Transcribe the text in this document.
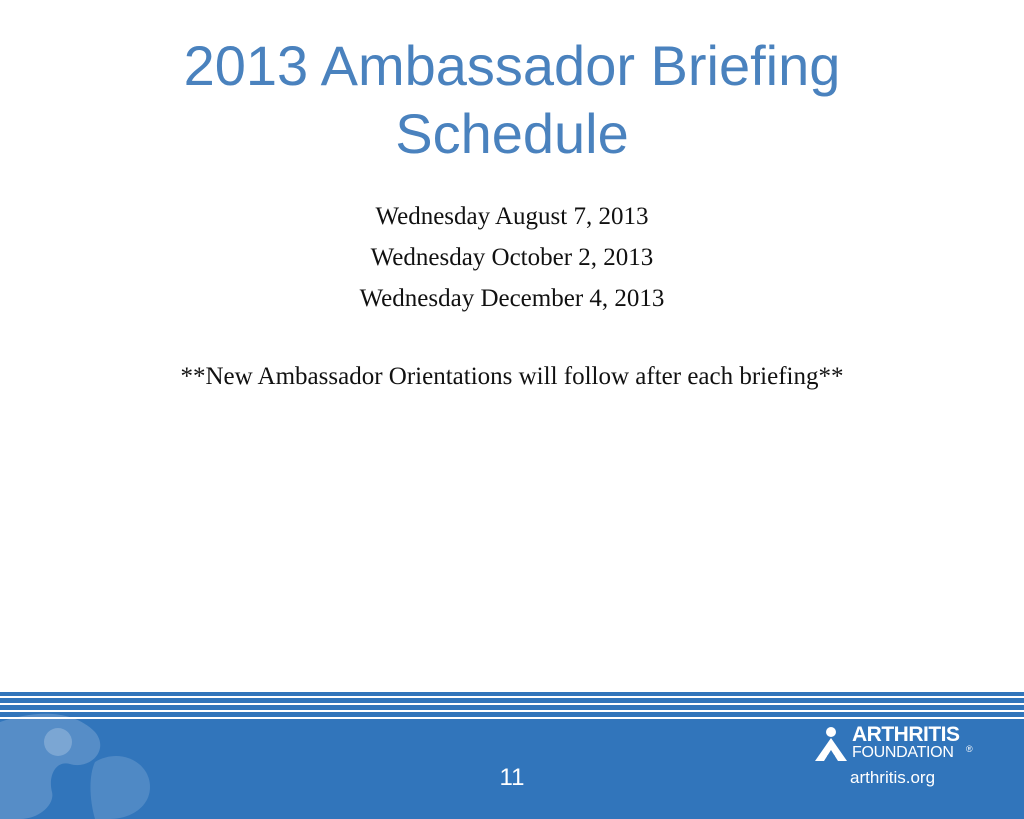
2013 Ambassador Briefing
Schedule
Wednesday August 7, 2013
Wednesday October 2, 2013
Wednesday December 4, 2013

**New Ambassador Orientations will follow after each briefing**

11
ARTHRITIS
FOUNDATION ®
arthritis.org
